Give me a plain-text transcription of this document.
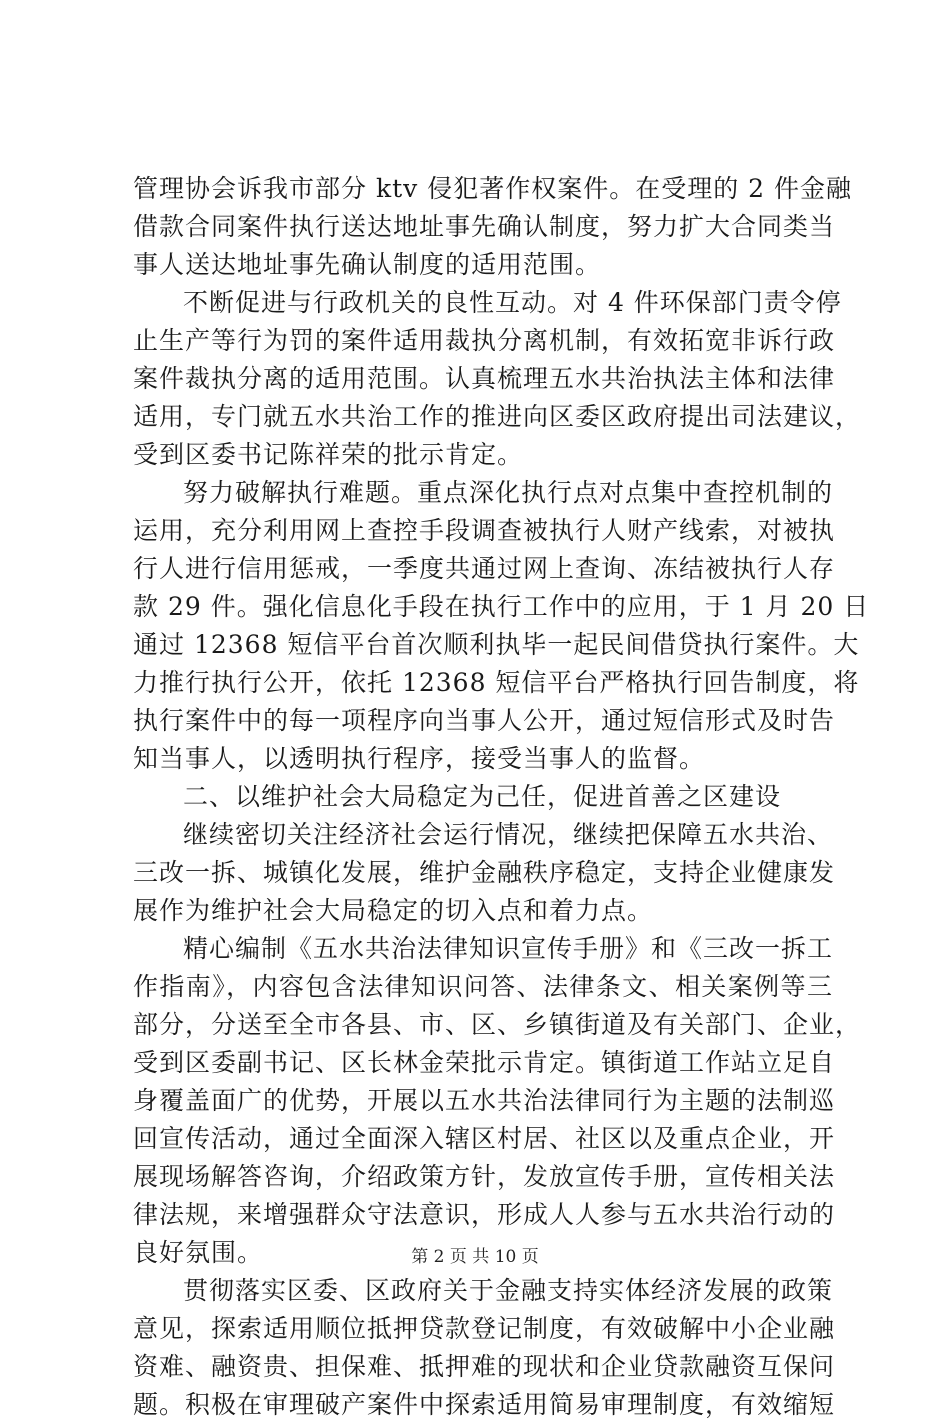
管理协会诉我市部分 ktv 侵犯著作权案件。在受理的 2 件金融
借款合同案件执行送达地址事先确认制度，努力扩大合同类当
事人送达地址事先确认制度的适用范围。
不断促进与行政机关的良性互动。对 4 件环保部门责令停
止生产等行为罚的案件适用裁执分离机制，有效拓宽非诉行政
案件裁执分离的适用范围。认真梳理五水共治执法主体和法律
适用，专门就五水共治工作的推进向区委区政府提出司法建议，
受到区委书记陈祥荣的批示肯定。
努力破解执行难题。重点深化执行点对点集中查控机制的
运用，充分利用网上查控手段调查被执行人财产线索，对被执
行人进行信用惩戒，一季度共通过网上查询、冻结被执行人存
款 29 件。强化信息化手段在执行工作中的应用，于 1 月 20 日
通过 12368 短信平台首次顺利执毕一起民间借贷执行案件。大
力推行执行公开，依托 12368 短信平台严格执行回告制度，将
执行案件中的每一项程序向当事人公开，通过短信形式及时告
知当事人，以透明执行程序，接受当事人的监督。
二、以维护社会大局稳定为己任，促进首善之区建设
继续密切关注经济社会运行情况，继续把保障五水共治、
三改一拆、城镇化发展，维护金融秩序稳定，支持企业健康发
展作为维护社会大局稳定的切入点和着力点。
精心编制《五水共治法律知识宣传手册》和《三改一拆工
作指南》，内容包含法律知识问答、法律条文、相关案例等三
部分，分送至全市各县、市、区、乡镇街道及有关部门、企业，
受到区委副书记、区长林金荣批示肯定。镇街道工作站立足自
身覆盖面广的优势，开展以五水共治法律同行为主题的法制巡
回宣传活动，通过全面深入辖区村居、社区以及重点企业，开
展现场解答咨询，介绍政策方针，发放宣传手册，宣传相关法
律法规，来增强群众守法意识，形成人人参与五水共治行动的
良好氛围。
贯彻落实区委、区政府关于金融支持实体经济发展的政策
意见，探索适用顺位抵押贷款登记制度，有效破解中小企业融
资难、融资贵、担保难、抵押难的现状和企业贷款融资互保问
题。积极在审理破产案件中探索适用简易审理制度，有效缩短
第 2 页 共 10 页
